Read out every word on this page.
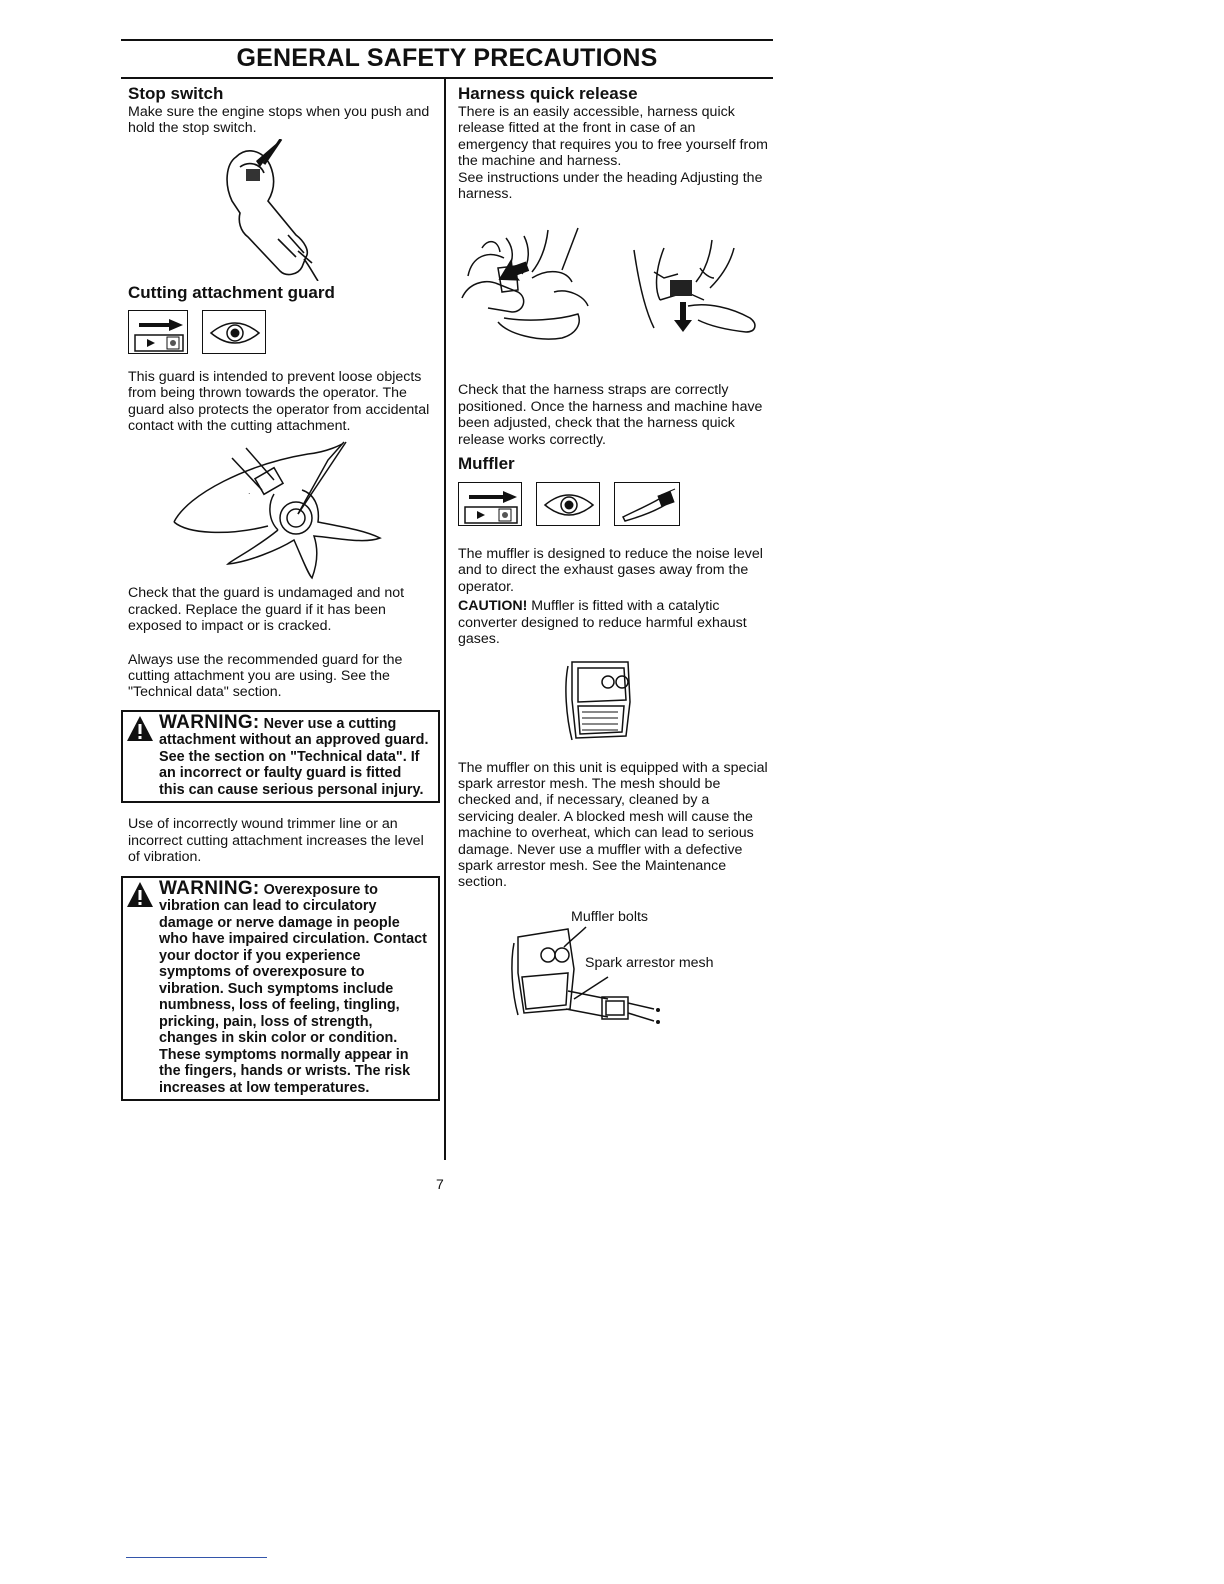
GENERAL SAFETY PRECAUTIONS
Stop switch

Make sure the engine stops when you push and hold the stop switch.

Cutting attachment guard

This guard is intended to prevent loose objects from being thrown towards the operator. The guard also protects the operator from accidental contact with the cutting attachment.

.

Check that the guard is undamaged and not cracked. Replace the guard if it has been exposed to impact or is cracked.

Always use the recommended guard for the cutting attachment you are using. See the "Technical data" section.

WARNING: Never use a cutting attachment without an approved guard. See the section on "Technical data". If an incorrect or faulty guard is fitted this can cause serious personal injury.

Use of incorrectly wound trimmer line or an incorrect cutting attachment increases the level of vibration.

WARNING: Overexposure to vibration can lead to circulatory damage or nerve damage in people who have impaired circulation. Contact your doctor if you experience symptoms of overexposure to vibration. Such symptoms include numbness, loss of feeling, tingling, pricking, pain, loss of strength, changes in skin color or condition. These symptoms normally appear in the fingers, hands or wrists. The risk increases at low temperatures.
Harness quick release

There is an easily accessible, harness quick release fitted at the front in case of an emergency that requires you to free yourself from the machine and harness.

See instructions under the heading Adjusting the harness.

Check that the harness straps are correctly positioned. Once the harness and machine have been adjusted, check that the harness quick release works correctly.

Muffler

The muffler is designed to reduce the noise level and to direct the exhaust gases away from the operator.

CAUTION! Muffler is fitted with a catalytic converter designed to reduce harmful exhaust gases.

The muffler on this unit is equipped with a special spark arrestor mesh. The mesh should be checked and, if necessary, cleaned by a servicing dealer. A blocked mesh will cause the machine to overheat, which can lead to serious damage. Never use a muffler with a defective spark arrestor mesh. See the Maintenance section.

Muffler bolts
Spark arrestor mesh
7
